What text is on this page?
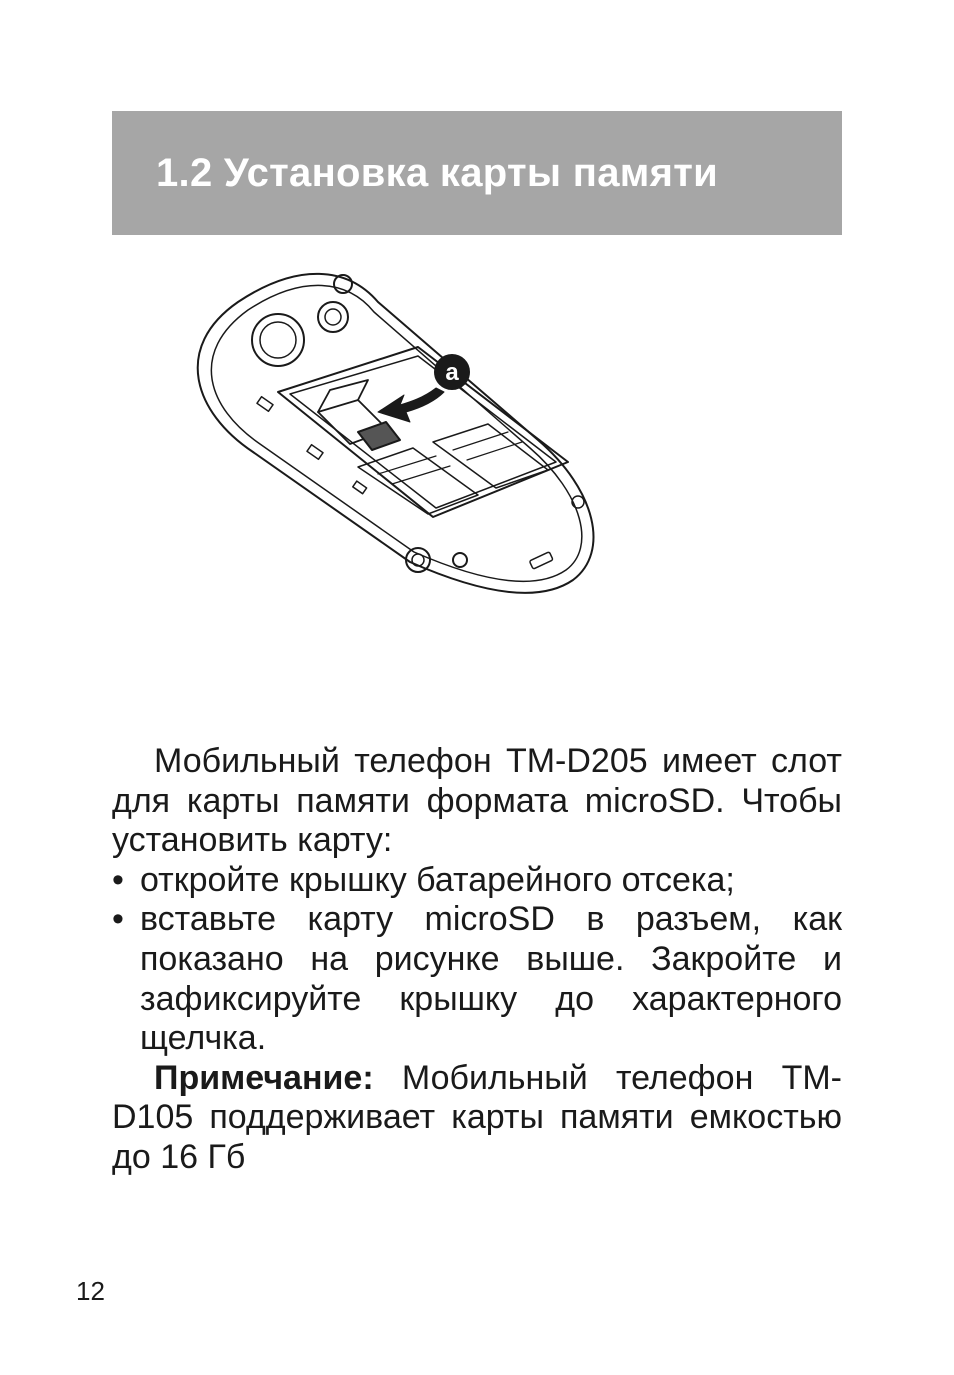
1.2 Установка карты памяти
a

Мобильный телефон TM-D205 имеет слот для карты памяти формата microSD. Чтобы установить карту:

• откройте крышку батарейного отсека;
• вставьте карту microSD в разъем, как показано на рисунке выше. Закройте и зафиксируйте крышку до характерного щелчка.

Примечание: Мобильный телефон TM-D105 поддерживает карты памяти емкостью до 16 Гб

12
